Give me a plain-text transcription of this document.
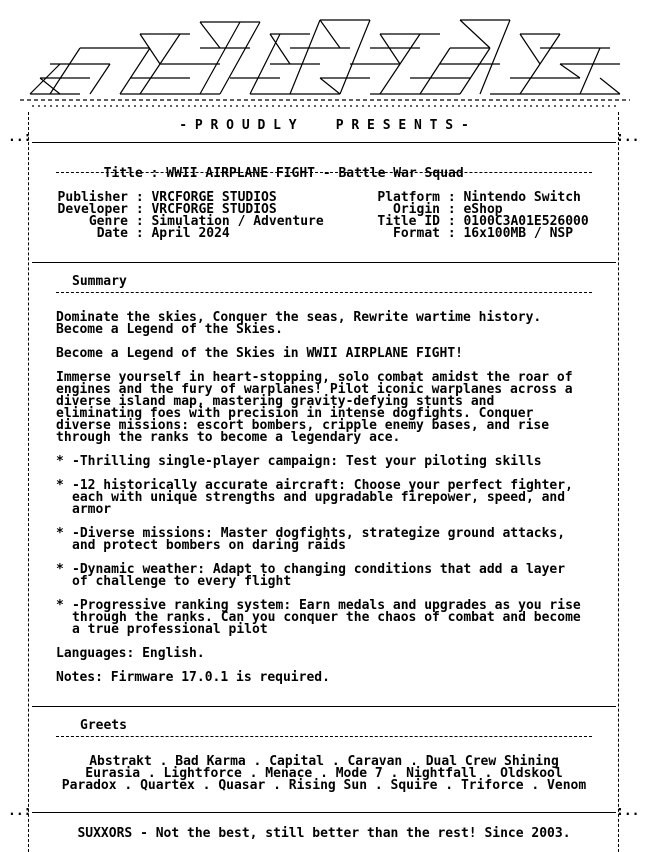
..:	:..
..:	:..
- P R O U D L Y     P R E S E N T S -

Title : WWII AIRPLANE FIGHT - Battle War Squad

Publisher : VRCFORGE STUDIOS
Developer : VRCFORGE STUDIOS
Genre : Simulation / Adventure
Date : April 2024
Platform : Nintendo Switch
Origin : eShop
Title ID : 0100C3A01E526000
Format : 16x100MB / NSP
Summary
Dominate the skies, Conquer the seas, Rewrite wartime history.
Become a Legend of the Skies.
Become a Legend of the Skies in WWII AIRPLANE FIGHT!
Immerse yourself in heart-stopping, solo combat amidst the roar of
engines and the fury of warplanes! Pilot iconic warplanes across a
diverse island map, mastering gravity-defying stunts and
eliminating foes with precision in intense dogfights. Conquer
diverse missions: escort bombers, cripple enemy bases, and rise
through the ranks to become a legendary ace.
* -Thrilling single-player campaign: Test your piloting skills
* -12 historically accurate aircraft: Choose your perfect fighter,
each with unique strengths and upgradable firepower, speed, and
armor
* -Diverse missions: Master dogfights, strategize ground attacks,
and protect bombers on daring raids
* -Dynamic weather: Adapt to changing conditions that add a layer
of challenge to every flight
* -Progressive ranking system: Earn medals and upgrades as you rise
through the ranks. Can you conquer the chaos of combat and become
a true professional pilot
Languages: English.
Notes: Firmware 17.0.1 is required.
Greets
Abstrakt . Bad Karma . Capital . Caravan . Dual Crew Shining
Eurasia . Lightforce . Menace . Mode 7 . Nightfall . Oldskool
Paradox . Quartex . Quasar . Rising Sun . Squire . Triforce . Venom
SUXXORS - Not the best, still better than the rest! Since 2003.
